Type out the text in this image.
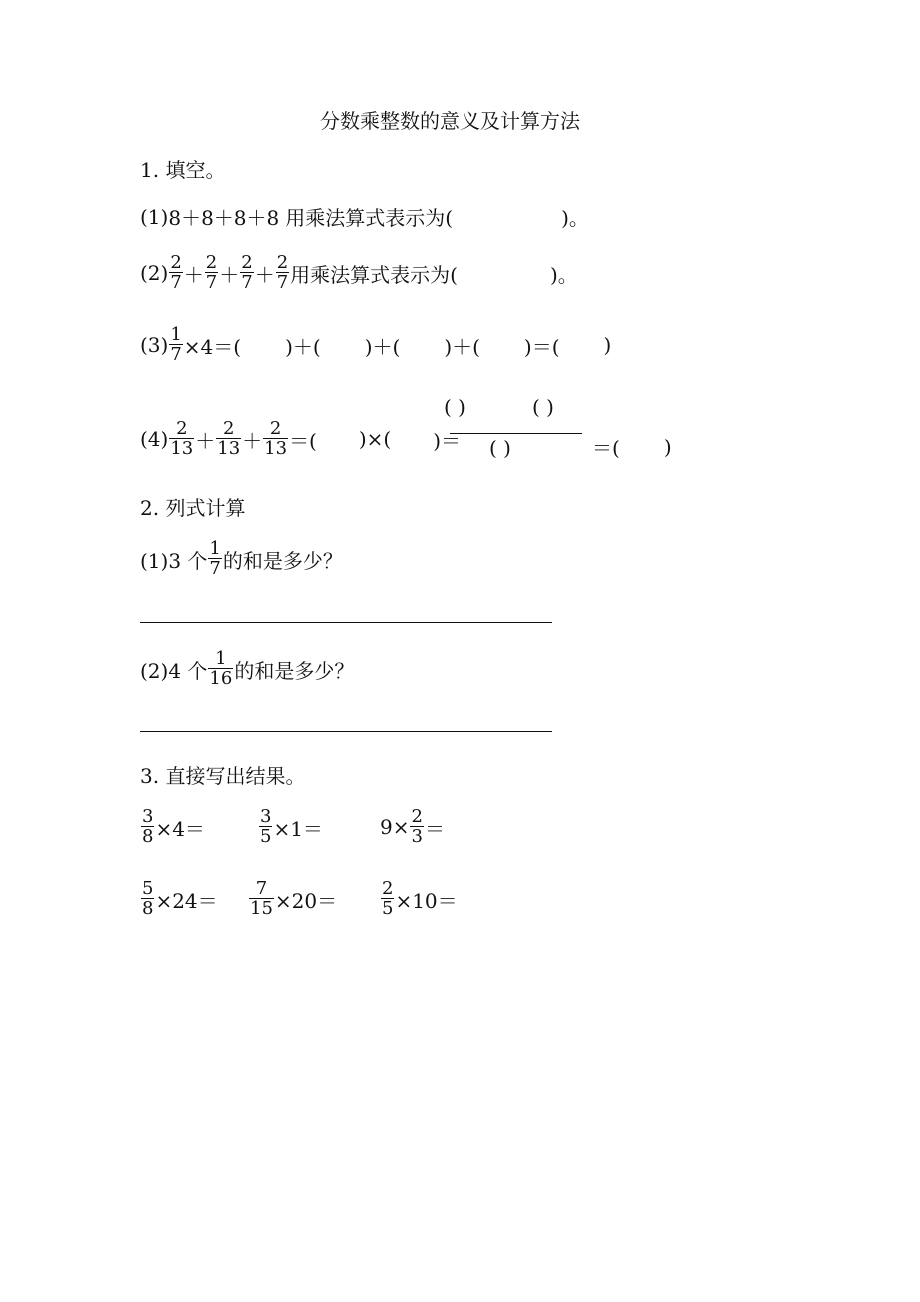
分数乘整数的意义及计算方法
1. 填空。
(1) 8＋8＋8＋8 用乘法算式表示为(	)。
$(2) \frac{2}{7} + \frac{2}{7} + \frac{2}{7} + \frac{2}{7}$ 用乘法算式表示为(	)。
$(3) \frac{1}{7} \times 4=$( )＋( )＋( )＋( )＝( )
$(4) \frac{2}{13} + \frac{2}{13} + \frac{2}{13}$ ＝( )×( )＝
( )	( )
( )	＝( )
2. 列式计算
(1)3 个 $\frac{1}{7}$ 的和是多少？
(2)4 个 $\frac{1}{16}$ 的和是多少？
3. 直接写出结果。
$\frac{3}{8} \times 4=$	$\frac{3}{5} \times 1=$	$9\times \frac{2}{3}$ ＝
$\frac{5}{8} \times 24= \frac{7}{15} \times 20= \frac{2}{5} \times 10=$
